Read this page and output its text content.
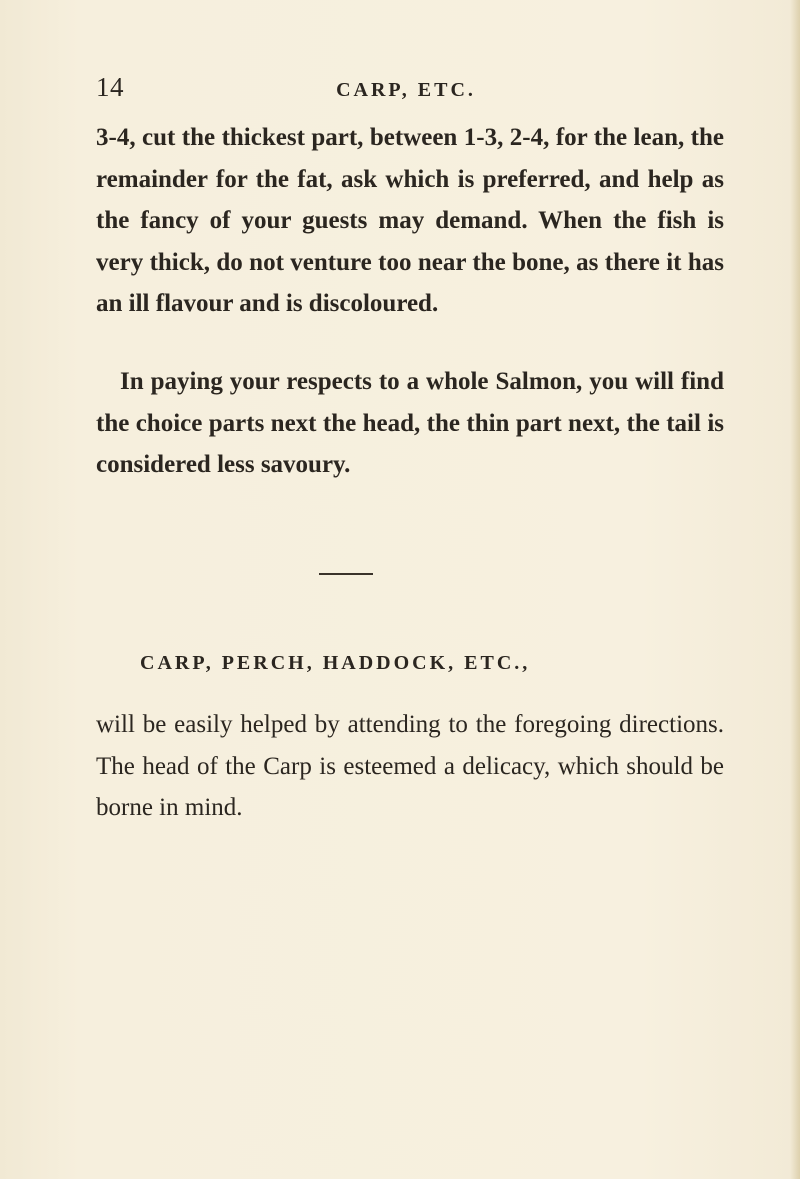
14	CARP, ETC.

3-4, cut the thickest part, between 1-3, 2-4, for the lean, the remainder for the fat, ask which is preferred, and help as the fancy of your guests may demand. When the fish is very thick, do not venture too near the bone, as there it has an ill flavour and is discoloured.

In paying your respects to a whole Salmon, you will find the choice parts next the head, the thin part next, the tail is considered less savoury.

CARP, PERCH, HADDOCK, ETC.,

will be easily helped by attending to the foregoing directions. The head of the Carp is esteemed a delicacy, which should be borne in mind.
